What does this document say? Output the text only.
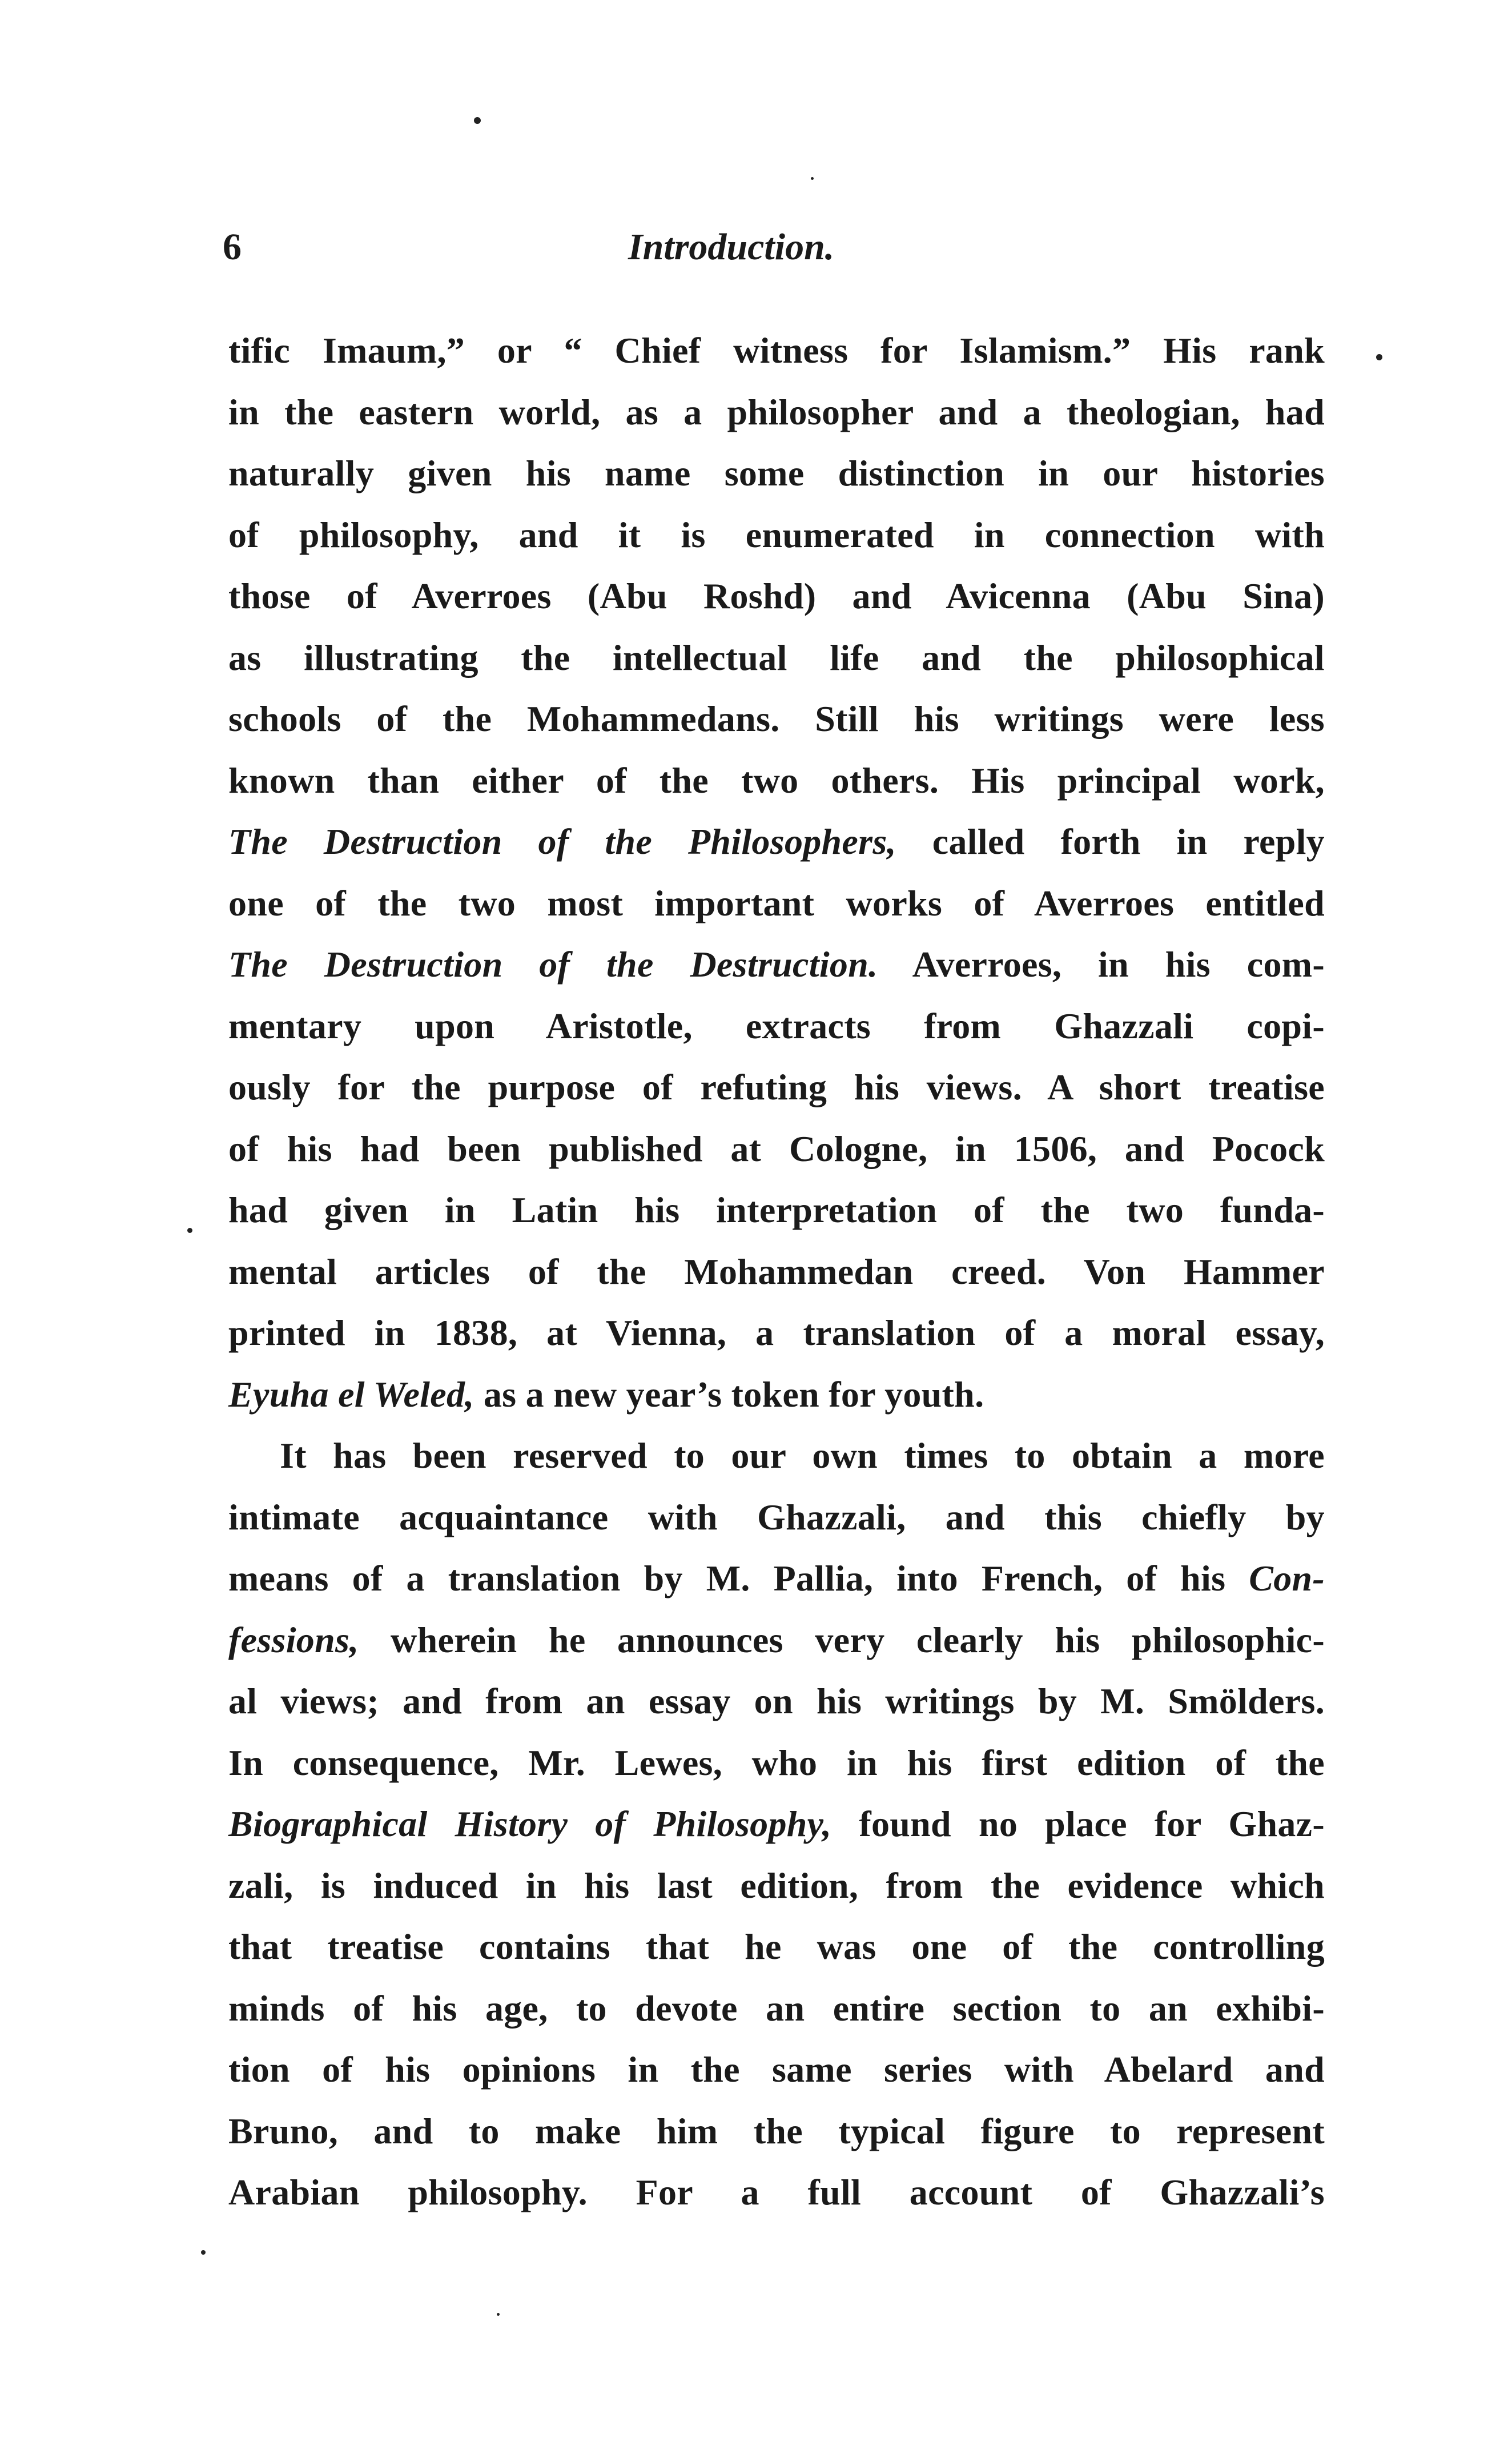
6	Introduction.
tific Imaum,” or “ Chief witness for Islamism.” His rank
in the eastern world, as a philosopher and a theologian, had
naturally given his name some distinction in our histories
of philosophy, and it is enumerated in connection with
those of Averroes (Abu Roshd) and Avicenna (Abu Sina)
as illustrating the intellectual life and the philosophical
schools of the Mohammedans. Still his writings were less
known than either of the two others. His principal work,
The Destruction of the Philosophers, called forth in reply
one of the two most important works of Averroes entitled
The Destruction of the Destruction. Averroes, in his com-
mentary upon Aristotle, extracts from Ghazzali copi-
ously for the purpose of refuting his views. A short treatise
of his had been published at Cologne, in 1506, and Pocock
had given in Latin his interpretation of the two funda-
mental articles of the Mohammedan creed. Von Hammer
printed in 1838, at Vienna, a translation of a moral essay,
Eyuha el Weled, as a new year’s token for youth.
It has been reserved to our own times to obtain a more
intimate acquaintance with Ghazzali, and this chiefly by
means of a translation by M. Pallia, into French, of his Con-
fessions, wherein he announces very clearly his philosophic-
al views; and from an essay on his writings by M. Smölders.
In consequence, Mr. Lewes, who in his first edition of the
Biographical History of Philosophy, found no place for Ghaz-
zali, is induced in his last edition, from the evidence which
that treatise contains that he was one of the controlling
minds of his age, to devote an entire section to an exhibi-
tion of his opinions in the same series with Abelard and
Bruno, and to make him the typical figure to represent
Arabian philosophy. For a full account of Ghazzali’s
